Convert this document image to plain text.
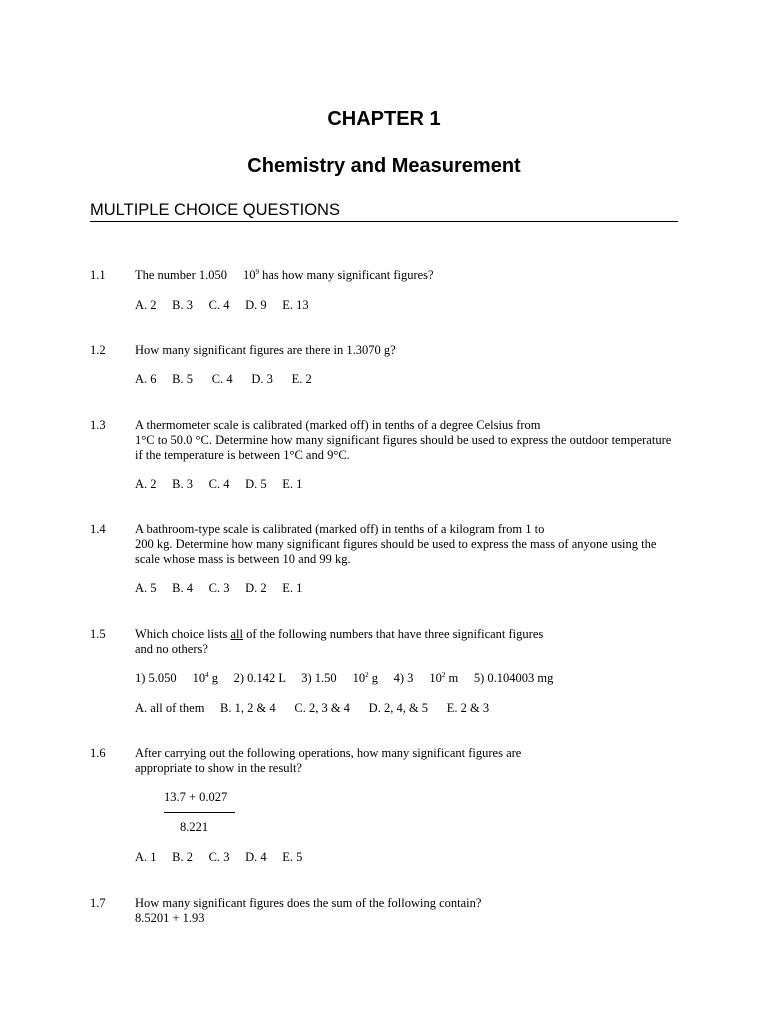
CHAPTER 1
Chemistry and Measurement
MULTIPLE CHOICE QUESTIONS
1.1 The number 1.050   $10^9$ has how many significant figures?
A. 2     B. 3     C. 4     D. 9     E. 13
1.2 How many significant figures are there in 1.3070 g?
A. 6     B. 5      C. 4      D. 3      E. 2
1.3 A thermometer scale is calibrated (marked off) in tenths of a degree Celsius from
1°C to 50.0 °C. Determine how many significant figures should be used to express the outdoor temperature
if the temperature is between 1°C and 9°C.
A. 2     B. 3     C. 4     D. 5     E. 1
1.4 A bathroom-type scale is calibrated (marked off) in tenths of a kilogram from 1 to
200 kg. Determine how many significant figures should be used to express the mass of anyone using the
scale whose mass is between 10 and 99 kg.
A. 5     B. 4     C. 3     D. 2     E. 1
1.5 Which choice lists all of the following numbers that have three significant figures
and no others?
1) 5.050   $10^4$ g 2) 0.142 L 3) 1.50   $10^2$ g 4) 3   $10^2$ m 5) 0.104003 mg
A. all of them     B. 1, 2 & 4      C. 2, 3 & 4      D. 2, 4, & 5      E. 2 & 3
1.6 After carrying out the following operations, how many significant figures are
appropriate to show in the result?
13.7 + 0.027
8.221
A. 1     B. 2     C. 3     D. 4     E. 5
1.7 How many significant figures does the sum of the following contain?
8.5201 + 1.93
